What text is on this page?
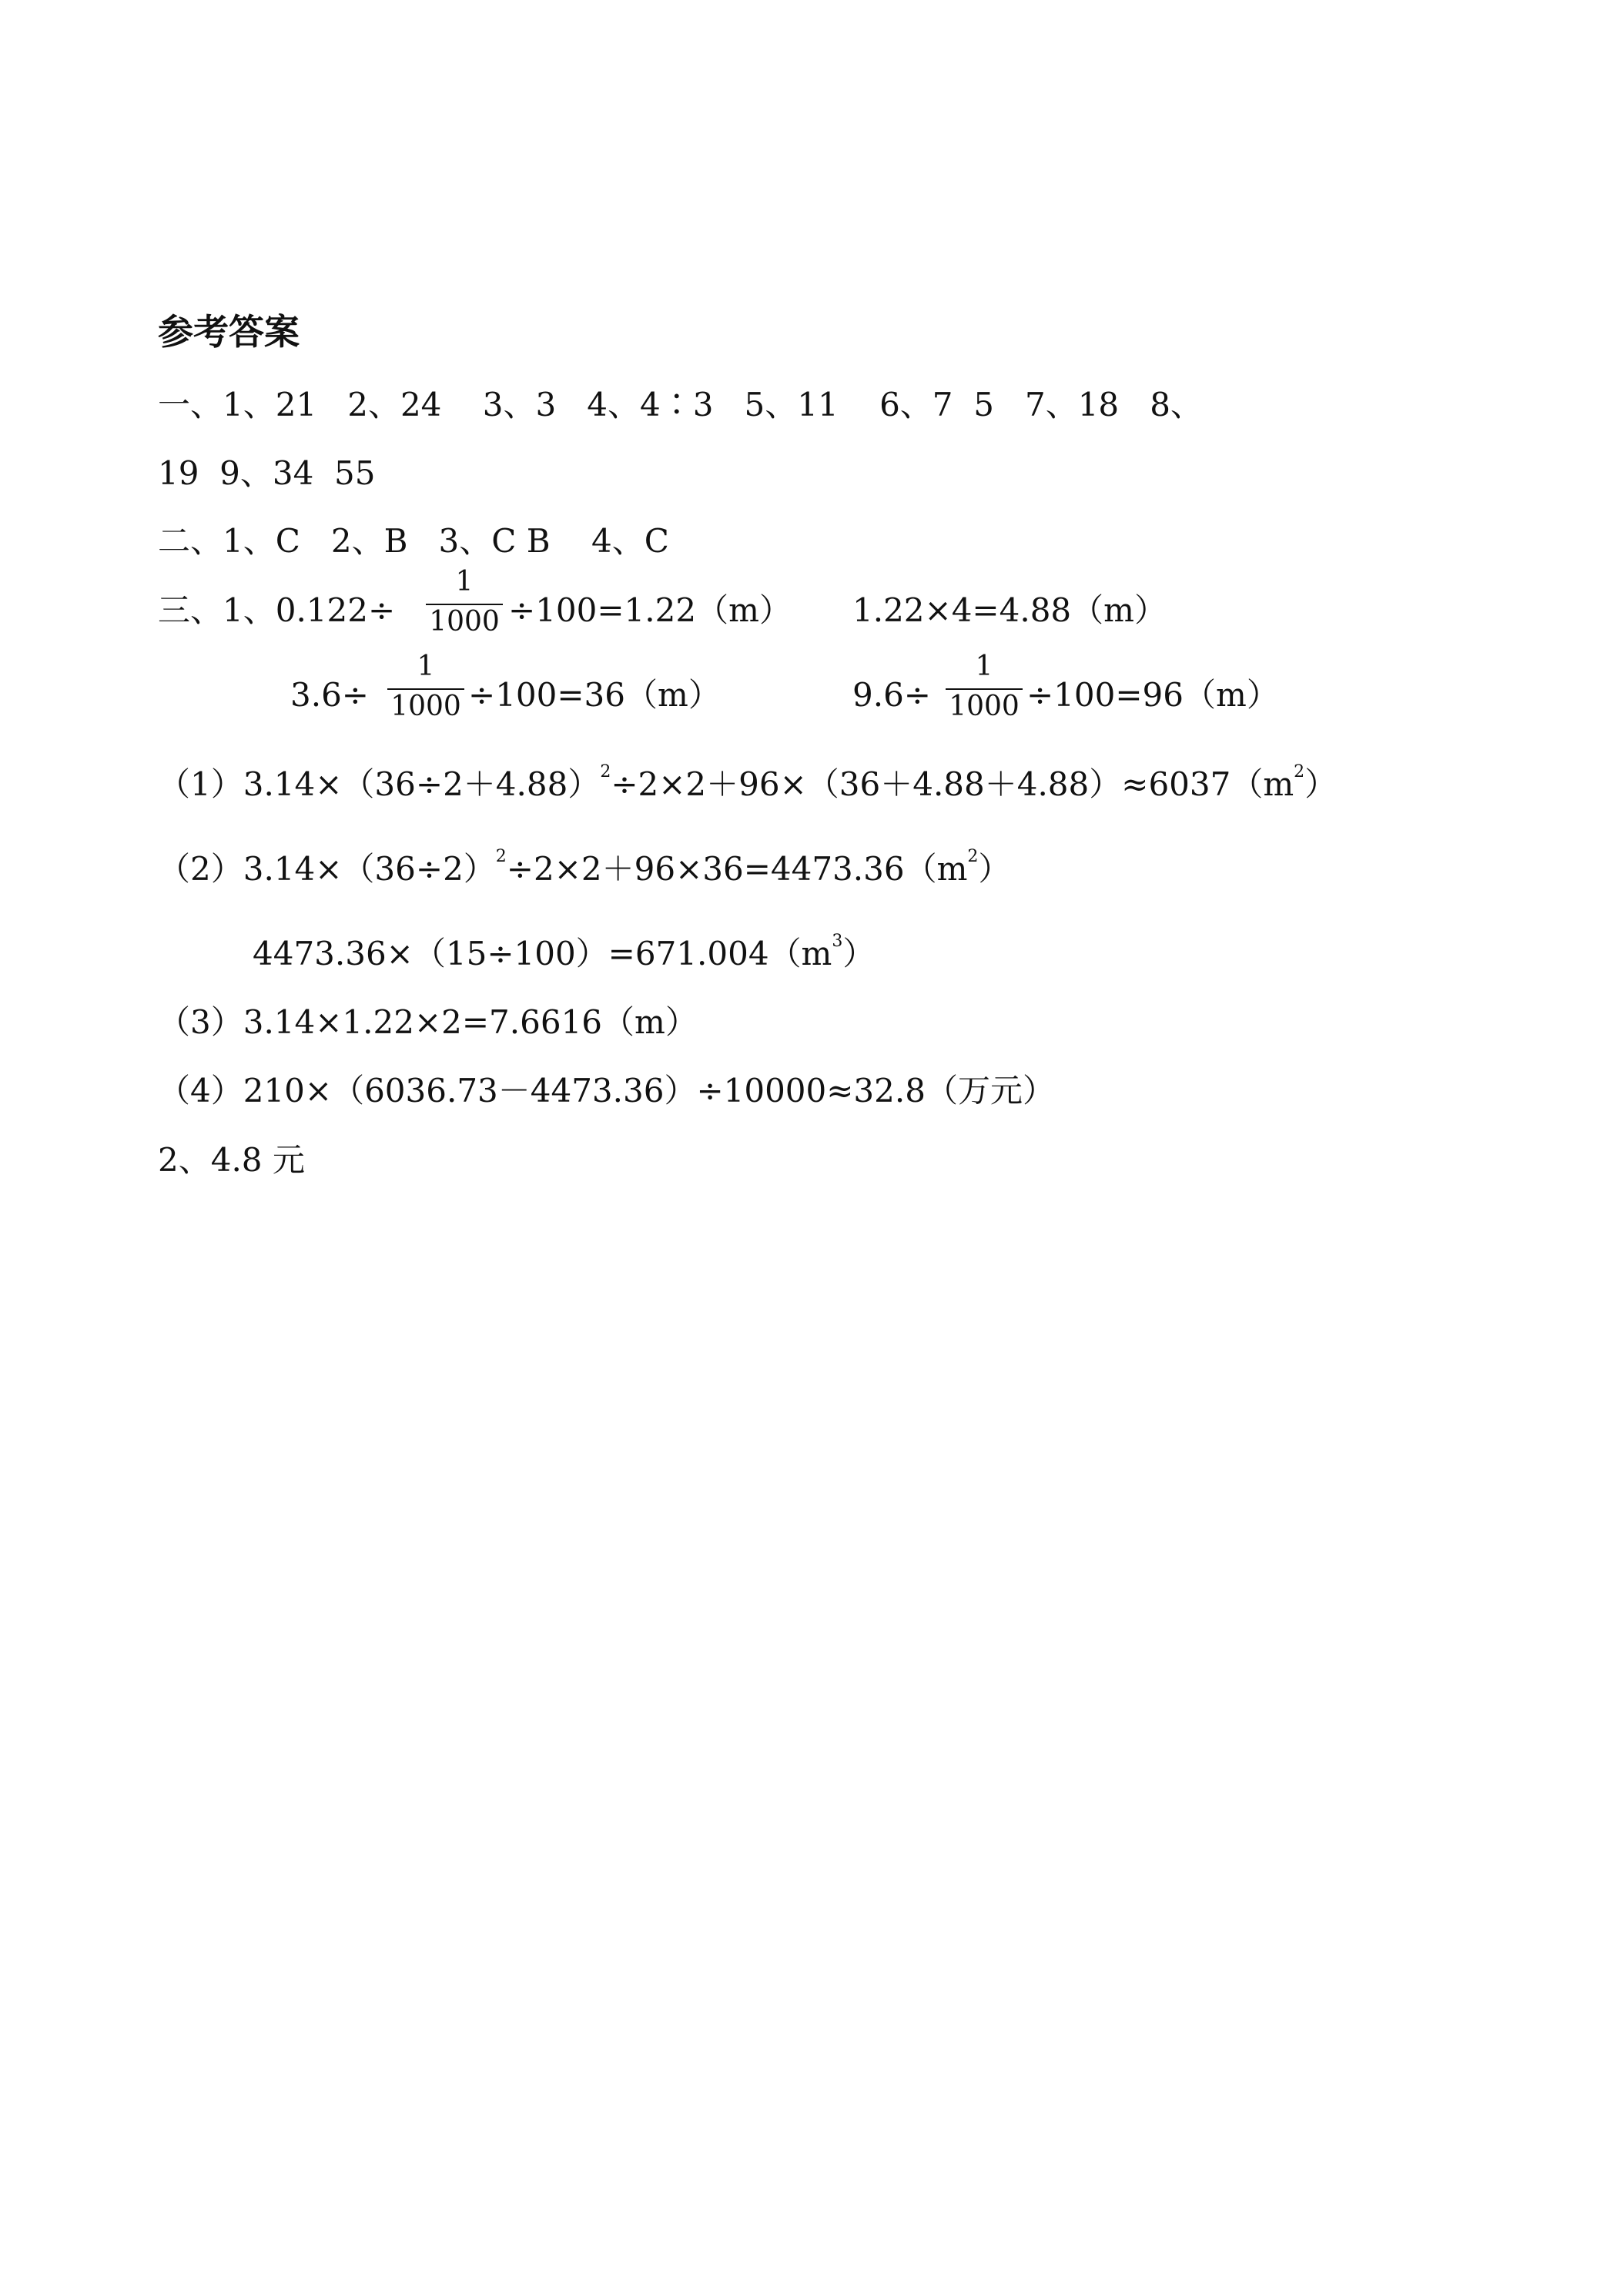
参考答案
一、1、21   2、24    3、3   4、4∶3   5、11    6、7  5   7、18   8、
19  9、34  55
二、1、C   2、B   3、C B    4、C
三、1、0.122÷
1
1000 ÷100=1.22（m） 1.22×4=4.88（m）
3.6÷
1
1000 ÷100=36（m）	9.6÷
1
1000 ÷100=96（m）
$(1)3.14\times(36\div 2+4.88)^2\div 2\times 2+96\times(36+4.88+4.88)\approx 6037(m^2)$
$(2)3.14\times(36\div 2)^2\div 2\times 2+96\times 36=4473.36(m^2)$
$4473.36\times(15\div 100)=671.004(m^3)$
（3）3.14×1.22×2=7.6616（m）
（4）210×（6036.73－4473.36）÷10000≈32.8（万元）
2、4.8 元
